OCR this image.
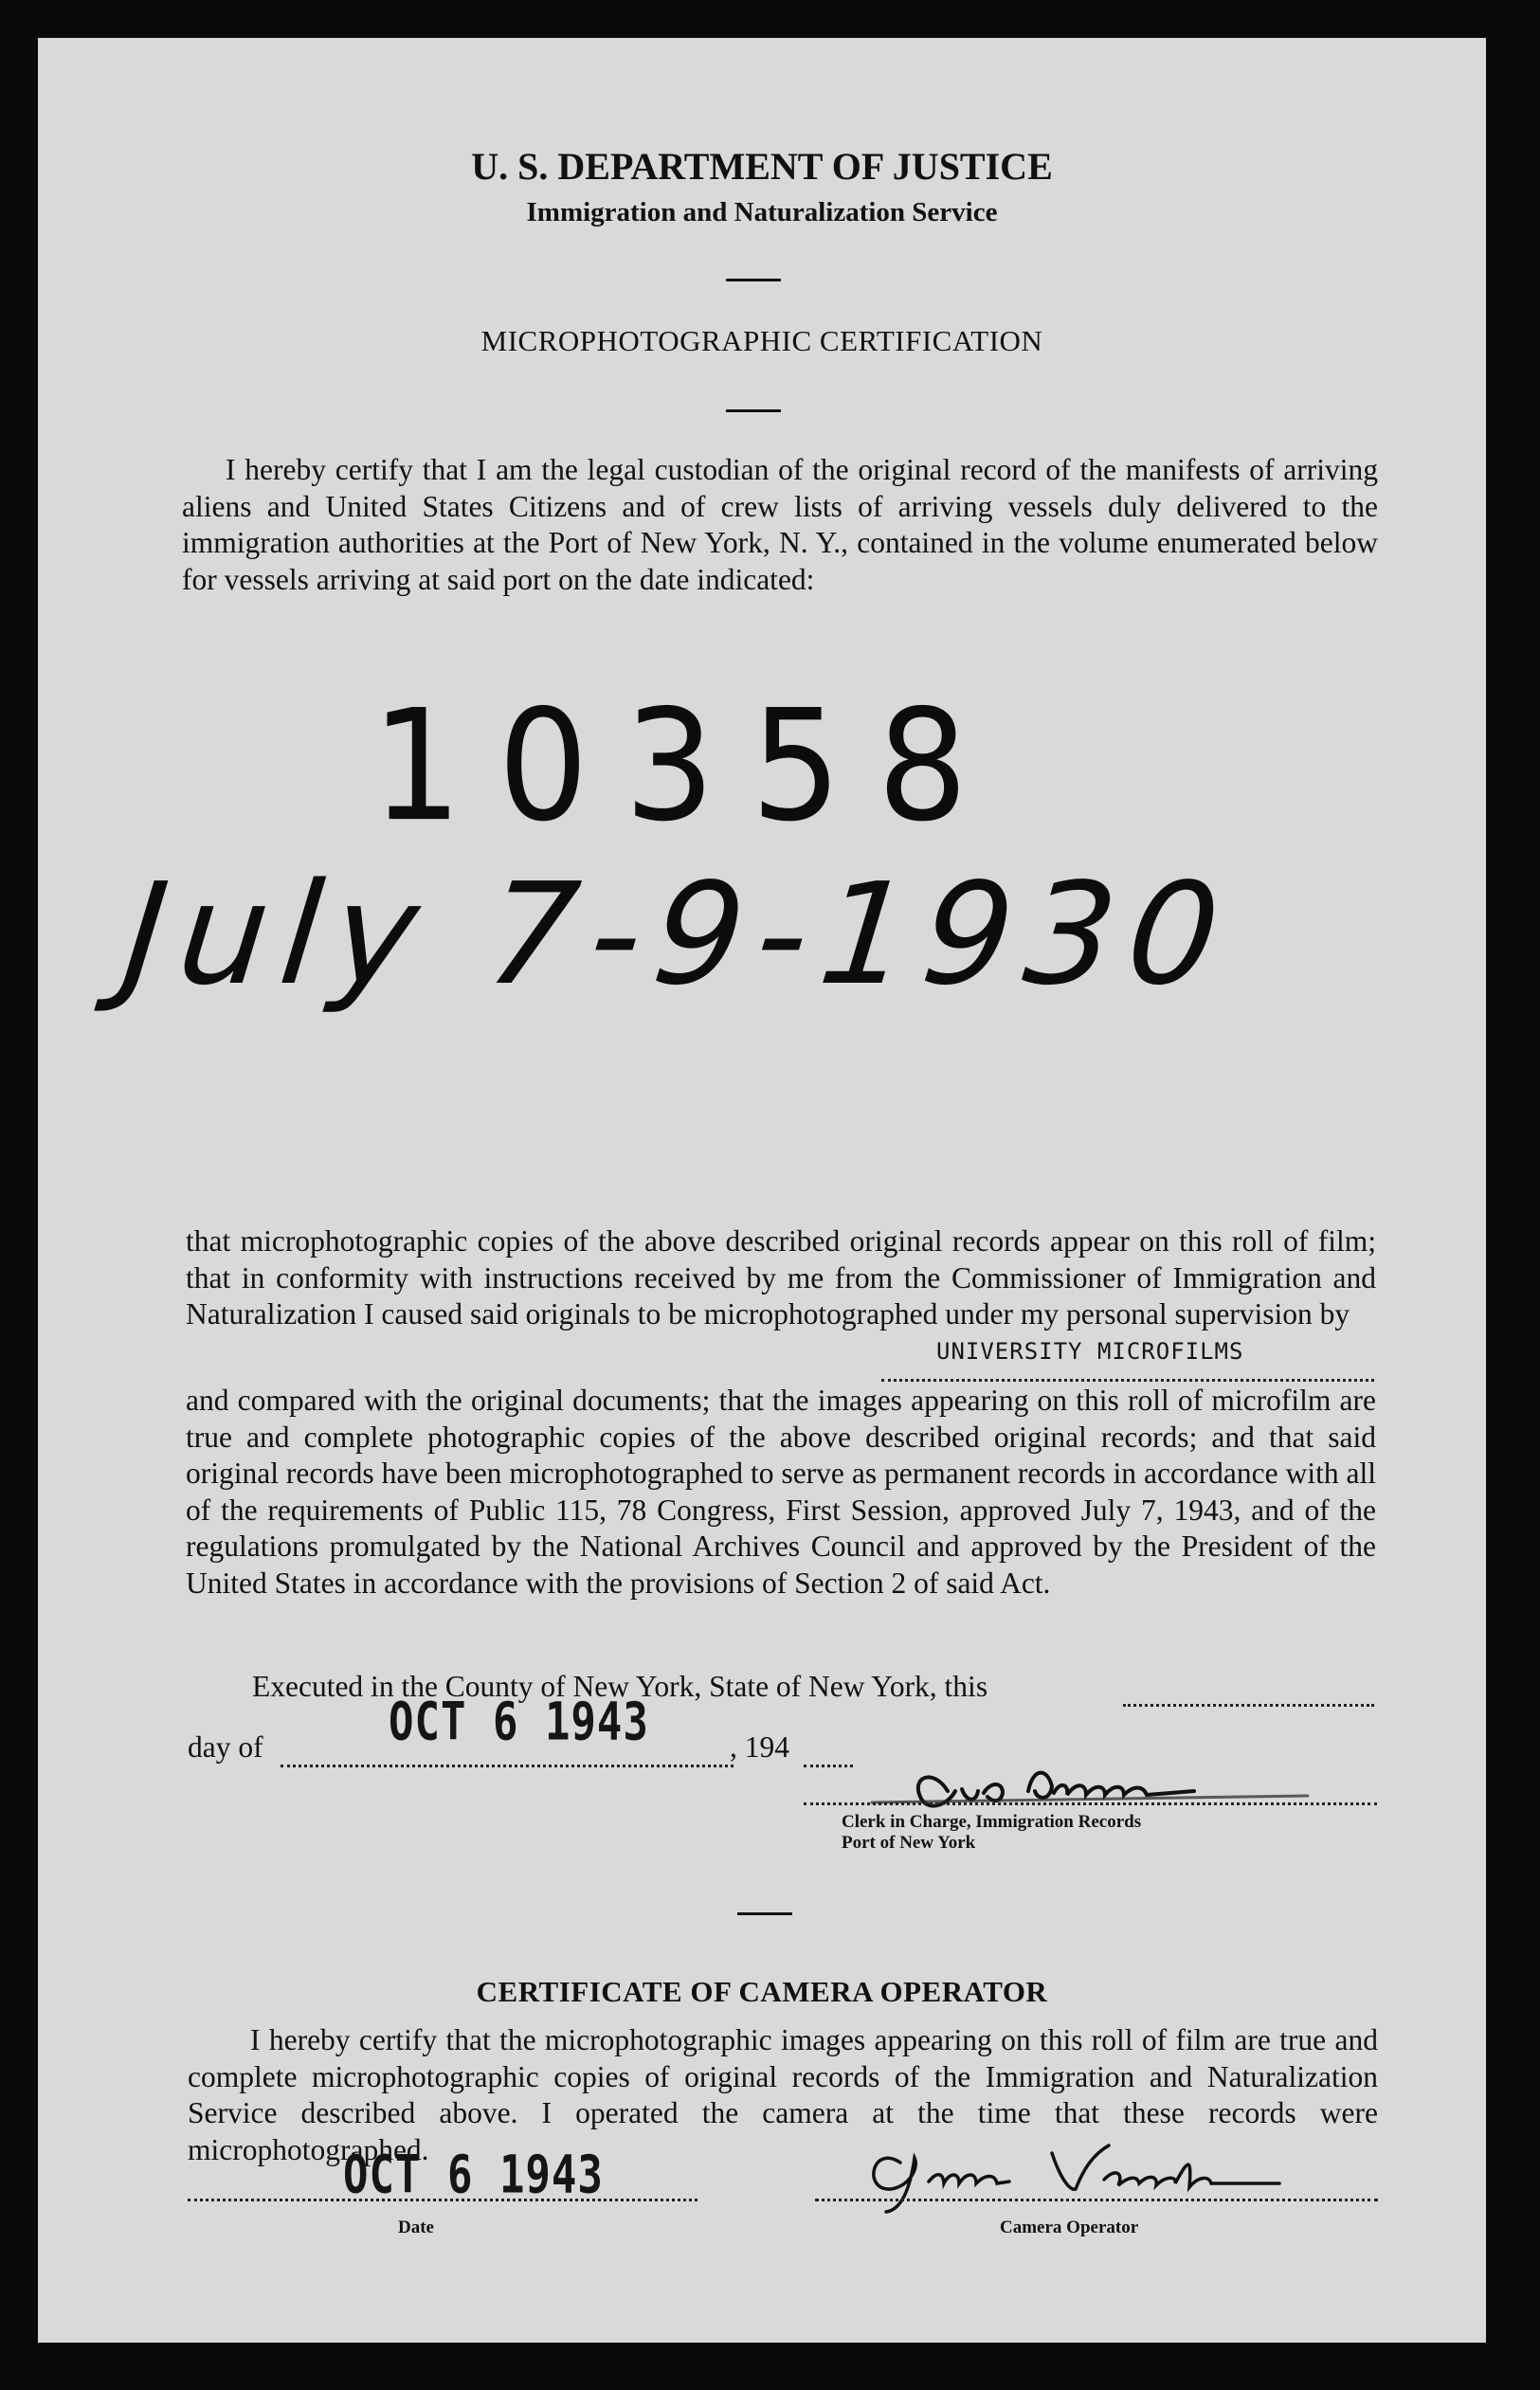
U. S. DEPARTMENT OF JUSTICE
Immigration and Naturalization Service
MICROPHOTOGRAPHIC CERTIFICATION
I hereby certify that I am the legal custodian of the original record of the manifests of arriving aliens and United States Citizens and of crew lists of arriving vessels duly delivered to the immigration authorities at the Port of New York, N. Y., contained in the volume enumerated below for vessels arriving at said port on the date indicated:
10358
July 7-9-1930
that microphotographic copies of the above described original records appear on this roll of film; that in conformity with instructions received by me from the Commissioner of Immigration and Naturalization I caused said originals to be microphotographed under my personal supervision by
UNIVERSITY MICROFILMS
and compared with the original documents; that the images appearing on this roll of microfilm are true and complete photographic copies of the above described original records; and that said original records have been microphotographed to serve as permanent records in accordance with all of the requirements of Public 115, 78 Congress, First Session, approved July 7, 1943, and of the regulations promulgated by the National Archives Council and approved by the President of the United States in accordance with the provisions of Section 2 of said Act.
Executed in the County of New York, State of New York, this
day of	OCT 6 1943	, 194
Clerk in Charge, Immigration Records
Port of New York
CERTIFICATE OF CAMERA OPERATOR
I hereby certify that the microphotographic images appearing on this roll of film are true and complete microphotographic copies of original records of the Immigration and Naturalization Service described above. I operated the camera at the time that these records were microphotographed.
OCT 6 1943
Date	Camera Operator
